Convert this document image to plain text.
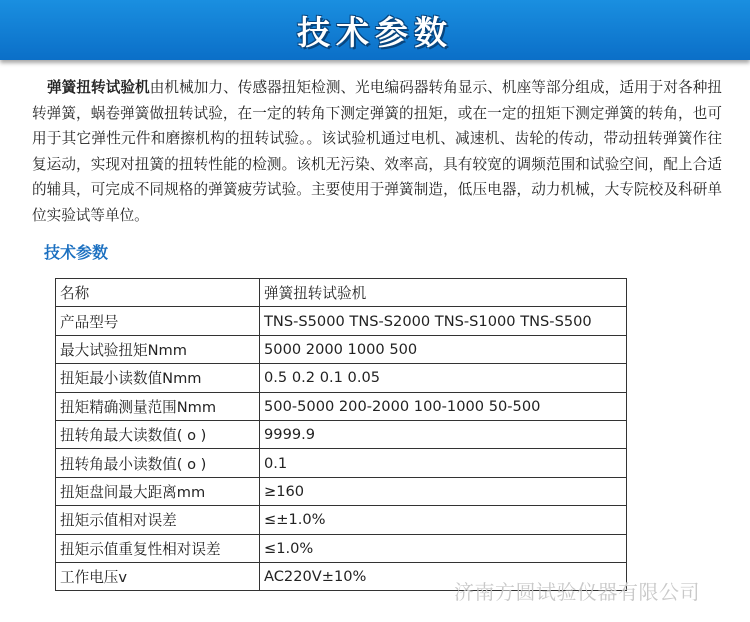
技术参数
弹簧扭转试验机由机械加力、传感器扭矩检测、光电编码器转角显示、机座等部分组成，适用于对各种扭转弹簧，蜗卷弹簧做扭转试验，在一定的转角下测定弹簧的扭矩，或在一定的扭矩下测定弹簧的转角，也可用于其它弹性元件和磨擦机构的扭转试验。。该试验机通过电机、减速机、齿轮的传动，带动扭转弹簧作往复运动，实现对扭簧的扭转性能的检测。该机无污染、效率高，具有较宽的调频范围和试验空间，配上合适的辅具，可完成不同规格的弹簧疲劳试验。主要使用于弹簧制造，低压电器，动力机械，大专院校及科研单位实验试等单位。
技术参数
名称	弹簧扭转试验机
产品型号	TNS-S5000 TNS-S2000 TNS-S1000 TNS-S500
最大试验扭矩Nmm	5000 2000 1000 500
扭矩最小读数值Nmm	0.5 0.2 0.1 0.05
扭矩精确测量范围Nmm	500-5000 200-2000 100-1000 50-500
扭转角最大读数值( o )	9999.9
扭转角最小读数值( o )	0.1
扭矩盘间最大距离mm	≥160
扭矩示值相对误差	≤±1.0%
扭矩示值重复性相对误差	≤1.0%
工作电压v	AC220V±10%
济南方圆试验仪器有限公司
